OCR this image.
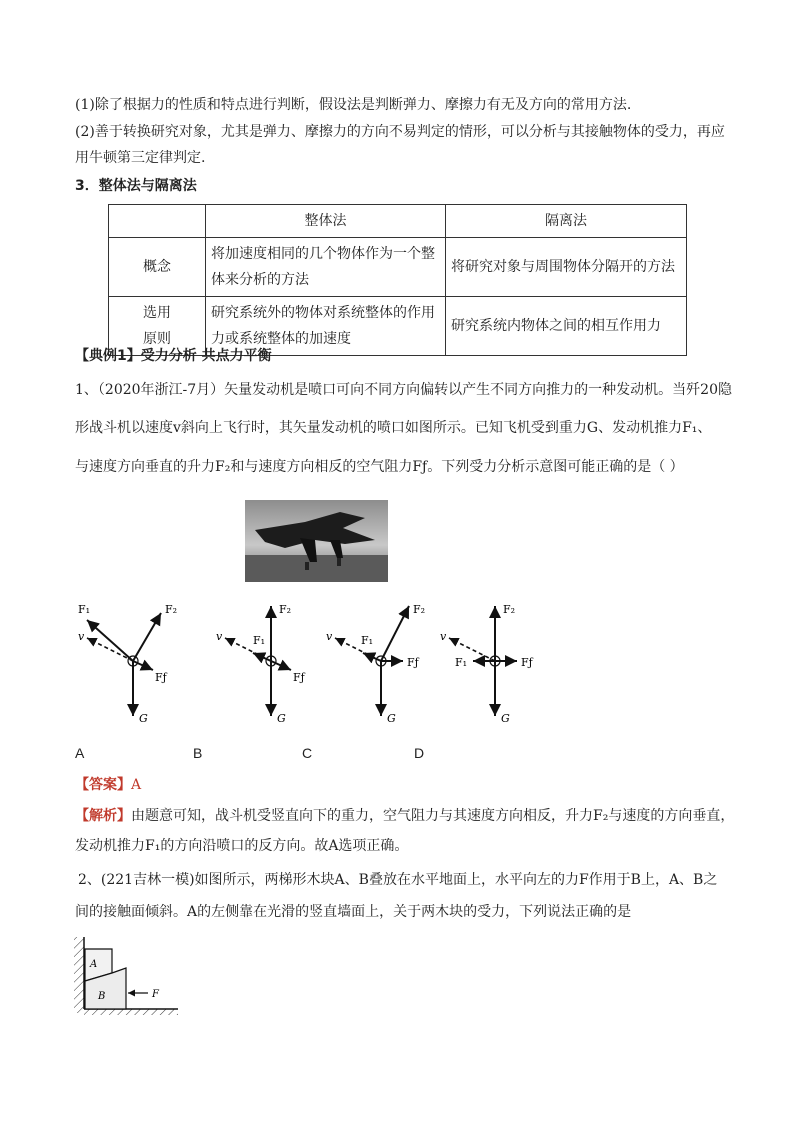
(1)除了根据力的性质和特点进行判断，假设法是判断弹力、摩擦力有无及方向的常用方法.
(2)善于转换研究对象，尤其是弹力、摩擦力的方向不易判定的情形，可以分析与其接触物体的受力，再应
用牛顿第三定律判定.
3．整体法与隔离法
	整体法	隔离法
概念	将加速度相同的几个物体作为一个整
体来分析的方法	将研究对象与周围物体分隔开的方法
选用
原则	研究系统外的物体对系统整体的作用
力或系统整体的加速度	研究系统内物体之间的相互作用力
【典例1】受力分析 共点力平衡
1、（2020年浙江-7月）矢量发动机是喷口可向不同方向偏转以产生不同方向推力的一种发动机。当歼20隐
形战斗机以速度v斜向上飞行时，其矢量发动机的喷口如图所示。已知飞机受到重力G、发动机推力F₁、
与速度方向垂直的升力F₂和与速度方向相反的空气阻力Fƒ。下列受力分析示意图可能正确的是（ ）
F₁	F₂
v
Fƒ
G
F₂
F₁
v
Fƒ
G
F₂
F₁
v
Fƒ
G
F₂
F₁
v
Fƒ
G
A	B	C	D
【答案】A
【解析】由题意可知，战斗机受竖直向下的重力，空气阻力与其速度方向相反，升力F₂与速度的方向垂直，
发动机推力F₁的方向沿喷口的反方向。故A选项正确。
2、(221吉林一模)如图所示，两梯形木块A、B叠放在水平地面上，水平向左的力F作用于B上，A、B之
间的接触面倾斜。A的左侧靠在光滑的竖直墙面上，关于两木块的受力，下列说法正确的是
A
B	F
